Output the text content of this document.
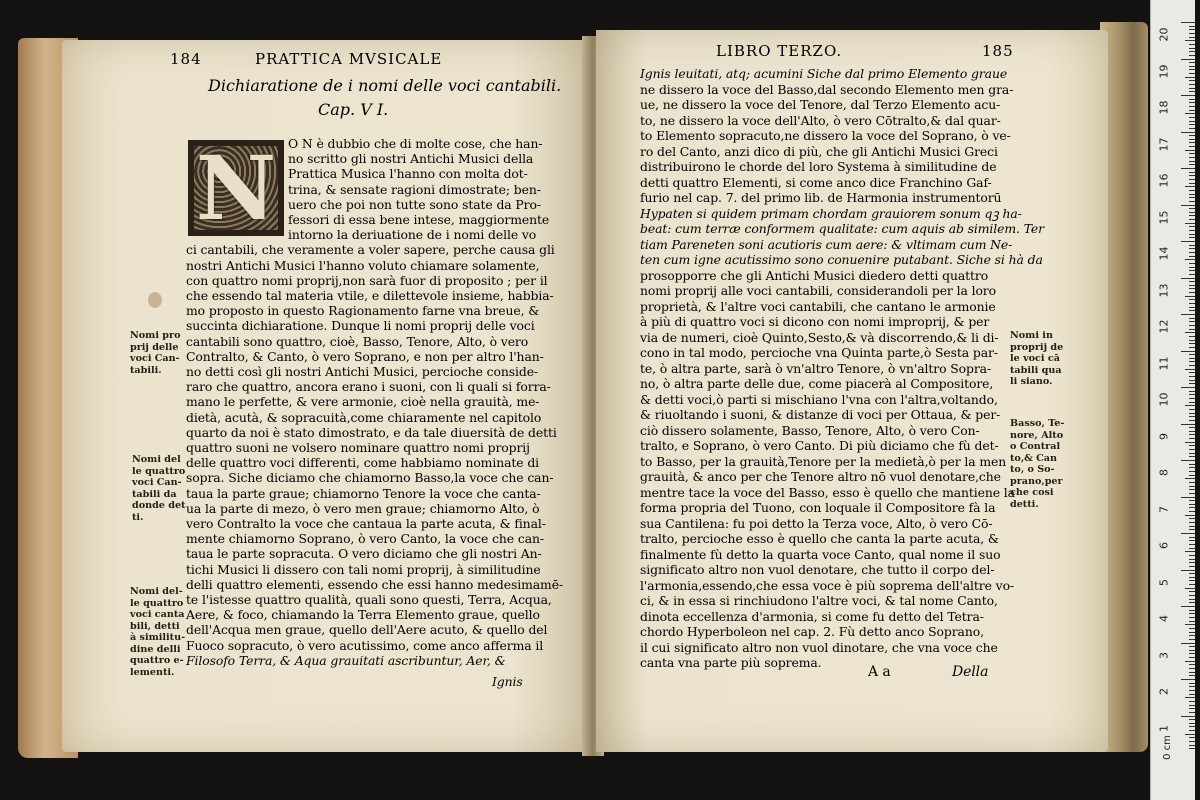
184	PRATTICA MVSICALE
Dichiaratione de i nomi delle voci cantabili.
Cap. V I.
N O N è dubbio che di molte cose, che han-
no scritto gli nostri Antichi Musici della
Prattica Musica l'hanno con molta dot-
trina, & sensate ragioni dimostrate; ben-
uero che poi non tutte sono state da Pro-
fessori di essa bene intese, maggiormente
intorno la deriuatione de i nomi delle vo
ci cantabili, che veramente a voler sapere, perche causa gli
nostri Antichi Musici l'hanno voluto chiamare solamente,
con quattro nomi proprij,non sarà fuor di proposito ; per il
che essendo tal materia vtile, e dilettevole insieme, habbia-
mo proposto in questo Ragionamento farne vna breue, &
succinta dichiaratione. Dunque li nomi proprij delle voci
cantabili sono quattro, cioè, Basso, Tenore, Alto, ò vero
Contralto, & Canto, ò vero Soprano, e non per altro l'han-
no detti così gli nostri Antichi Musici, percioche conside-
raro che quattro, ancora erano i suoni, con li quali si forra-
mano le perfette, & vere armonie, cioè nella grauità, me-
dietà, acutà, & sopracuità,come chiaramente nel capitolo
quarto da noi è stato dimostrato, e da tale diuersità de detti
quattro suoni ne volsero nominare quattro nomi proprij
delle quattro voci differenti, come habbiamo nominate di
sopra. Siche diciamo che chiamorno Basso,la voce che can-
taua la parte graue; chiamorno Tenore la voce che canta-
ua la parte di mezo, ò vero men graue; chiamorno Alto, ò
vero Contralto la voce che cantaua la parte acuta, & final-
mente chiamorno Soprano, ò vero Canto, la voce che can-
taua le parte sopracuta. O vero diciamo che gli nostri An-
tichi Musici li dissero con tali nomi proprij, à similitudine
delli quattro elementi, essendo che essi hanno medesimamē-
te l'istesse quattro qualità, quali sono questi, Terra, Acqua,
Aere, & foco, chiamando la Terra Elemento graue, quello
dell'Acqua men graue, quello dell'Aere acuto, & quello del
Fuoco sopracuto, ò vero acutissimo, come anco afferma il
Filosofo Terra, & Aqua grauitati ascribuntur, Aer, &
Ignis
Nomi pro
prij delle
voci Can-
tabili.
Nomi del
le quattro
voci Can-
tabili da
donde det
ti.
Nomi del-
le quattro
voci canta
bili, detti
à similitu-
dine delli
quattro e-
lementi.
LIBRO TERZO.	185
Ignis leuitati, atq; acumini Siche dal primo Elemento graue
ne dissero la voce del Basso,dal secondo Elemento men gra-
ue, ne dissero la voce del Tenore, dal Terzo Elemento acu-
to, ne dissero la voce dell'Alto, ò vero Cōtralto,& dal quar-
to Elemento sopracuto,ne dissero la voce del Soprano, ò ve-
ro del Canto, anzi dico di più, che gli Antichi Musici Greci
distribuirono le chorde del loro Systema à similitudine de
detti quattro Elementi, si come anco dice Franchino Gaf-
furio nel cap. 7. del primo lib. de Harmonia instrumentorū
Hypaten si quidem primam chordam grauiorem sonum qꝫ ha-
beat: cum terræ conformem qualitate: cum aquis ab similem. Ter
tiam Pareneten soni acutioris cum aere: & vltimam cum Ne-
ten cum igne acutissimo sono conuenire putabant. Siche si hà da
prosopporre che gli Antichi Musici diedero detti quattro
nomi proprij alle voci cantabili, considerandoli per la loro
proprietà, & l'altre voci cantabili, che cantano le armonie
à più di quattro voci si dicono con nomi improprij, & per
via de numeri, cioè Quinto,Sesto,& và discorrendo,& li di-
cono in tal modo, percioche vna Quinta parte,ò Sesta par-
te, ò altra parte, sarà ò vn'altro Tenore, ò vn'altro Sopra-
no, ò altra parte delle due, come piacerà al Compositore,
& detti voci,ò parti si mischiano l'vna con l'altra,voltando,
& riuoltando i suoni, & distanze di voci per Ottaua, & per-
ciò dissero solamente, Basso, Tenore, Alto, ò vero Con-
tralto, e Soprano, ò vero Canto. Di più diciamo che fù det-
to Basso, per la grauità,Tenore per la medietà,ò per la men
grauità, & anco per che Tenore altro nō vuol denotare,che
mentre tace la voce del Basso, esso è quello che mantiene la
forma propria del Tuono, con loquale il Compositore fà la
sua Cantilena: fu poi detto la Terza voce, Alto, ò vero Cō-
tralto, percioche esso è quello che canta la parte acuta, &
finalmente fù detto la quarta voce Canto, qual nome il suo
significato altro non vuol denotare, che tutto il corpo del-
l'armonia,essendo,che essa voce è più soprema dell'altre vo-
ci, & in essa si rinchiudono l'altre voci, & tal nome Canto,
dinota eccellenza d'armonia, si come fu detto del Tetra-
chordo Hyperboleon nel cap. 2. Fù detto anco Soprano,
il cui significato altro non vuol dinotare, che vna voce che
canta vna parte più soprema.
A a	Della
Nomi in
proprij de
le voci cā
tabili qua
li siano.
Basso, Te-
nore, Alto
o Contral
to,& Can
to, o So-
prano,per
che cosi
detti.
20
19
18
17
16
15
14
13
12
11
10
9
8
7
6
5
4
3
2
1
0 cm
